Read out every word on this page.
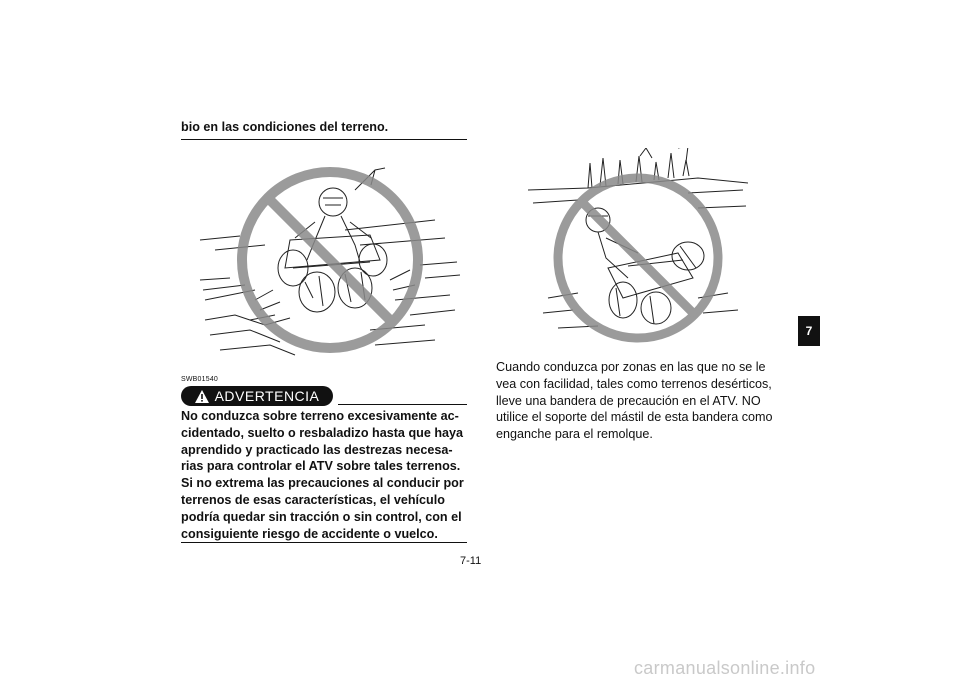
bio en las condiciones del terreno.
SWB01540
ADVERTENCIA
No conduzca sobre terreno excesivamente ac-
cidentado, suelto o resbaladizo hasta que haya
aprendido y practicado las destrezas necesa-
rias para controlar el ATV sobre tales terrenos.
Si no extrema las precauciones al conducir por
terrenos de esas características, el vehículo
podría quedar sin tracción o sin control, con el
consiguiente riesgo de accidente o vuelco.
Cuando conduzca por zonas en las que no se le
vea con facilidad, tales como terrenos desérticos,
lleve una bandera de precaución en el ATV. NO
utilice el soporte del mástil de esta bandera como
enganche para el remolque.
7
7-11
carmanualsonline.info
